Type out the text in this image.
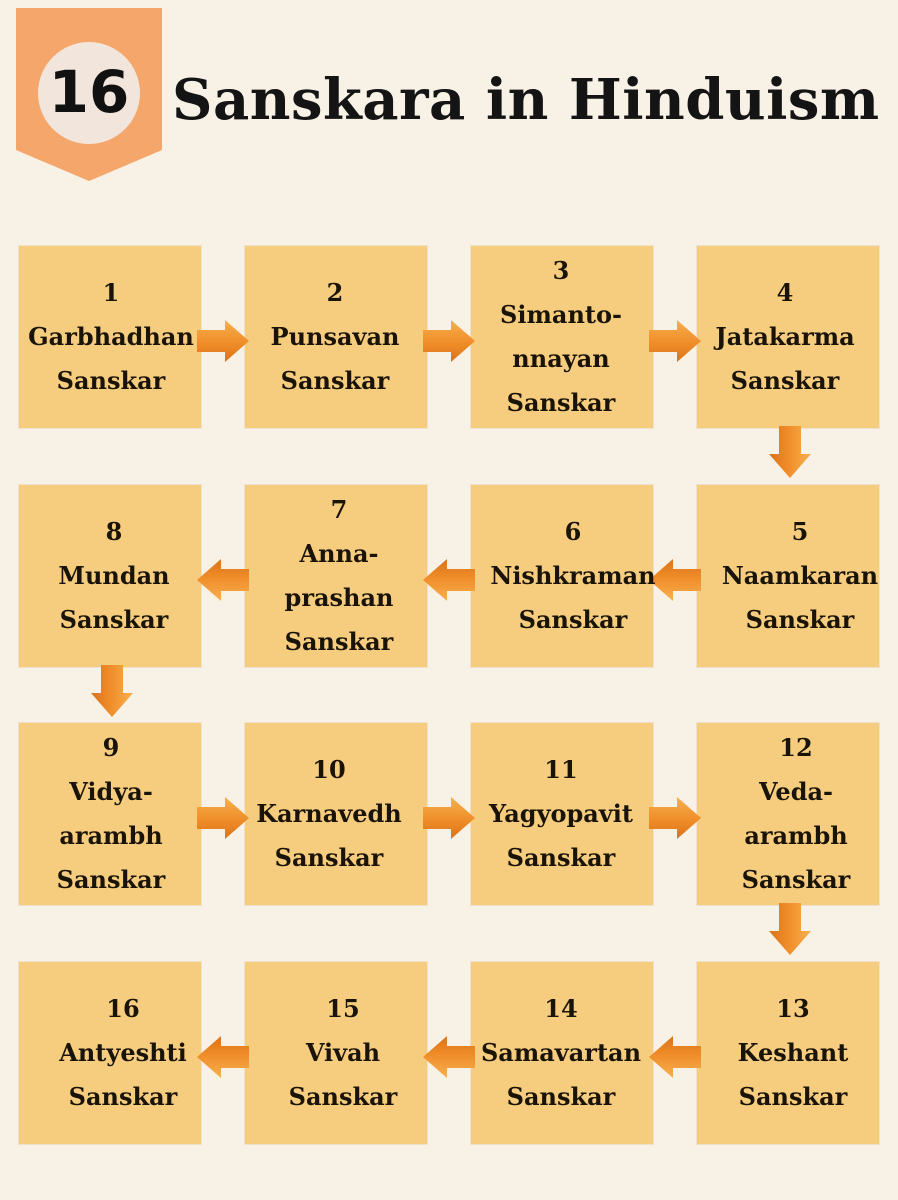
16 Sanskara in Hinduism
1
Garbhadhan
Sanskar
2
Punsavan
Sanskar
3
Simanto-
nnayan
Sanskar
4
Jatakarma
Sanskar
5
Naamkaran
Sanskar
6
Nishkraman
Sanskar
7
Anna-
prashan
Sanskar
8
Mundan
Sanskar
9
Vidya-
arambh
Sanskar
10
Karnavedh
Sanskar
11
Yagyopavit
Sanskar
12
Veda-
arambh
Sanskar
13
Keshant
Sanskar
14
Samavartan
Sanskar
15
Vivah
Sanskar
16
Antyeshti
Sanskar
